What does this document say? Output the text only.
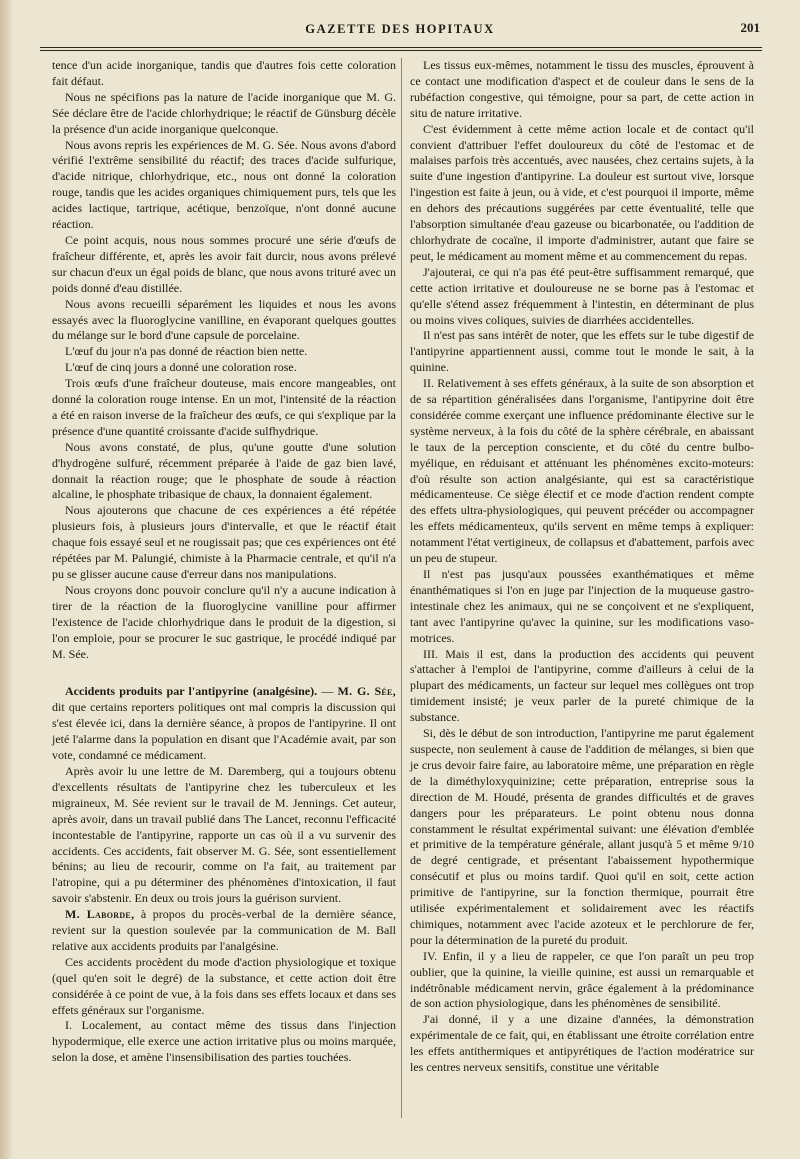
GAZETTE DES HOPITAUX	201

tence d'un acide inorganique, tandis que d'autres fois cette coloration fait défaut.

Nous ne spécifions pas la nature de l'acide inorganique que M. G. Sée déclare être de l'acide chlorhydrique; le réactif de Günsburg décèle la présence d'un acide inorganique quelconque.

Nous avons repris les expériences de M. G. Sée. Nous avons d'abord vérifié l'extrême sensibilité du réactif; des traces d'acide sulfurique, d'acide nitrique, chlorhydrique, etc., nous ont donné la coloration rouge, tandis que les acides organiques chimiquement purs, tels que les acides lactique, tartrique, acétique, benzoïque, n'ont donné aucune réaction.

Ce point acquis, nous nous sommes procuré une série d'œufs de fraîcheur différente, et, après les avoir fait durcir, nous avons prélevé sur chacun d'eux un égal poids de blanc, que nous avons trituré avec un poids donné d'eau distillée.

Nous avons recueilli séparément les liquides et nous les avons essayés avec la fluoroglycine vanilline, en évaporant quelques gouttes du mélange sur le bord d'une capsule de porcelaine.

L'œuf du jour n'a pas donné de réaction bien nette.

L'œuf de cinq jours a donné une coloration rose.

Trois œufs d'une fraîcheur douteuse, mais encore mangeables, ont donné la coloration rouge intense. En un mot, l'intensité de la réaction a été en raison inverse de la fraîcheur des œufs, ce qui s'explique par la présence d'une quantité croissante d'acide sulfhydrique.

Nous avons constaté, de plus, qu'une goutte d'une solution d'hydrogène sulfuré, récemment préparée à l'aide de gaz bien lavé, donnait la réaction rouge; que le phosphate de soude à réaction alcaline, le phosphate tribasique de chaux, la donnaient également.

Nous ajouterons que chacune de ces expériences a été répétée plusieurs fois, à plusieurs jours d'intervalle, et que le réactif était chaque fois essayé seul et ne rougissait pas; que ces expériences ont été répétées par M. Palungié, chimiste à la Pharmacie centrale, et qu'il n'a pu se glisser aucune cause d'erreur dans nos manipulations.

Nous croyons donc pouvoir conclure qu'il n'y a aucune indication à tirer de la réaction de la fluoroglycine vanilline pour affirmer l'existence de l'acide chlorhydrique dans le produit de la digestion, si l'on emploie, pour se procurer le suc gastrique, le procédé indiqué par M. Sée.

Accidents produits par l'antipyrine (analgésine). — M. G. Sée, dit que certains reporters politiques ont mal compris la discussion qui s'est élevée ici, dans la dernière séance, à propos de l'antipyrine. Il ont jeté l'alarme dans la population en disant que l'Académie avait, par son vote, condamné ce médicament.

Après avoir lu une lettre de M. Daremberg, qui a toujours obtenu d'excellents résultats de l'antipyrine chez les tuberculeux et les migraineux, M. Sée revient sur le travail de M. Jennings. Cet auteur, après avoir, dans un travail publié dans The Lancet, reconnu l'efficacité incontestable de l'antipyrine, rapporte un cas où il a vu survenir des accidents. Ces accidents, fait observer M. G. Sée, sont essentiellement bénins; au lieu de recourir, comme on l'a fait, au traitement par l'atropine, qui a pu déterminer des phénomènes d'intoxication, il faut savoir s'abstenir. En deux ou trois jours la guérison survient.

M. Laborde, à propos du procès-verbal de la dernière séance, revient sur la question soulevée par la communication de M. Ball relative aux accidents produits par l'analgésine.

Ces accidents procèdent du mode d'action physiologique et toxique (quel qu'en soit le degré) de la substance, et cette action doit être considérée à ce point de vue, à la fois dans ses effets locaux et dans ses effets généraux sur l'organisme.

I. Localement, au contact même des tissus dans l'injection hypodermique, elle exerce une action irritative plus ou moins marquée, selon la dose, et amène l'insensibilisation des parties touchées.

Les tissus eux-mêmes, notamment le tissu des muscles, éprouvent à ce contact une modification d'aspect et de couleur dans le sens de la rubéfaction congestive, qui témoigne, pour sa part, de cette action in situ de nature irritative.

C'est évidemment à cette même action locale et de contact qu'il convient d'attribuer l'effet douloureux du côté de l'estomac et de malaises parfois très accentués, avec nausées, chez certains sujets, à la suite d'une ingestion d'antipyrine. La douleur est surtout vive, lorsque l'ingestion est faite à jeun, ou à vide, et c'est pourquoi il importe, même en dehors des précautions suggérées par cette éventualité, telle que l'absorption simultanée d'eau gazeuse ou bicarbonatée, ou l'addition de chlorhydrate de cocaïne, il importe d'administrer, autant que faire se peut, le médicament au moment même et au commencement du repas.

J'ajouterai, ce qui n'a pas été peut-être suffisamment remarqué, que cette action irritative et douloureuse ne se borne pas à l'estomac et qu'elle s'étend assez fréquemment à l'intestin, en déterminant de plus ou moins vives coliques, suivies de diarrhées accidentelles.

Il n'est pas sans intérêt de noter, que les effets sur le tube digestif de l'antipyrine appartiennent aussi, comme tout le monde le sait, à la quinine.

II. Relativement à ses effets généraux, à la suite de son absorption et de sa répartition généralisées dans l'organisme, l'antipyrine doit être considérée comme exerçant une influence prédominante élective sur le système nerveux, à la fois du côté de la sphère cérébrale, en abaissant le taux de la perception consciente, et du côté du centre bulbo-myélique, en réduisant et atténuant les phénomènes excito-moteurs: d'où résulte son action analgésiante, qui est sa caractéristique médicamenteuse. Ce siège électif et ce mode d'action rendent compte des effets ultra-physiologiques, qui peuvent précéder ou accompagner les effets médicamenteux, qu'ils servent en même temps à expliquer: notamment l'état vertigineux, de collapsus et d'abattement, parfois avec un peu de stupeur.

Il n'est pas jusqu'aux poussées exanthématiques et même énanthématiques si l'on en juge par l'injection de la muqueuse gastro-intestinale chez les animaux, qui ne se conçoivent et ne s'expliquent, tant avec l'antipyrine qu'avec la quinine, sur les modifications vaso-motrices.

III. Mais il est, dans la production des accidents qui peuvent s'attacher à l'emploi de l'antipyrine, comme d'ailleurs à celui de la plupart des médicaments, un facteur sur lequel mes collègues ont trop timidement insisté; je veux parler de la pureté chimique de la substance.

Si, dès le début de son introduction, l'antipyrine me parut également suspecte, non seulement à cause de l'addition de mélanges, si bien que je crus devoir faire faire, au laboratoire même, une préparation en règle de la diméthyloxyquinizine; cette préparation, entreprise sous la direction de M. Houdé, présenta de grandes difficultés et de graves dangers pour les préparateurs. Le point obtenu nous donna constamment le résultat expérimental suivant: une élévation d'emblée et primitive de la température générale, allant jusqu'à 5 et même 9/10 de degré centigrade, et présentant l'abaissement hypothermique consécutif et plus ou moins tardif. Quoi qu'il en soit, cette action primitive de l'antipyrine, sur la fonction thermique, pourrait être utilisée expérimentalement et solidairement avec les réactifs chimiques, notamment avec l'acide azoteux et le perchlorure de fer, pour la détermination de la pureté du produit.

IV. Enfin, il y a lieu de rappeler, ce que l'on paraît un peu trop oublier, que la quinine, la vieille quinine, est aussi un remarquable et indétrônable médicament nervin, grâce également à la prédominance de son action physiologique, dans les phénomènes de sensibilité.

J'ai donné, il y a une dizaine d'années, la démonstration expérimentale de ce fait, qui, en établissant une étroite corrélation entre les effets antithermiques et antipyrétiques de l'action modératrice sur les centres nerveux sensitifs, constitue une véritable
